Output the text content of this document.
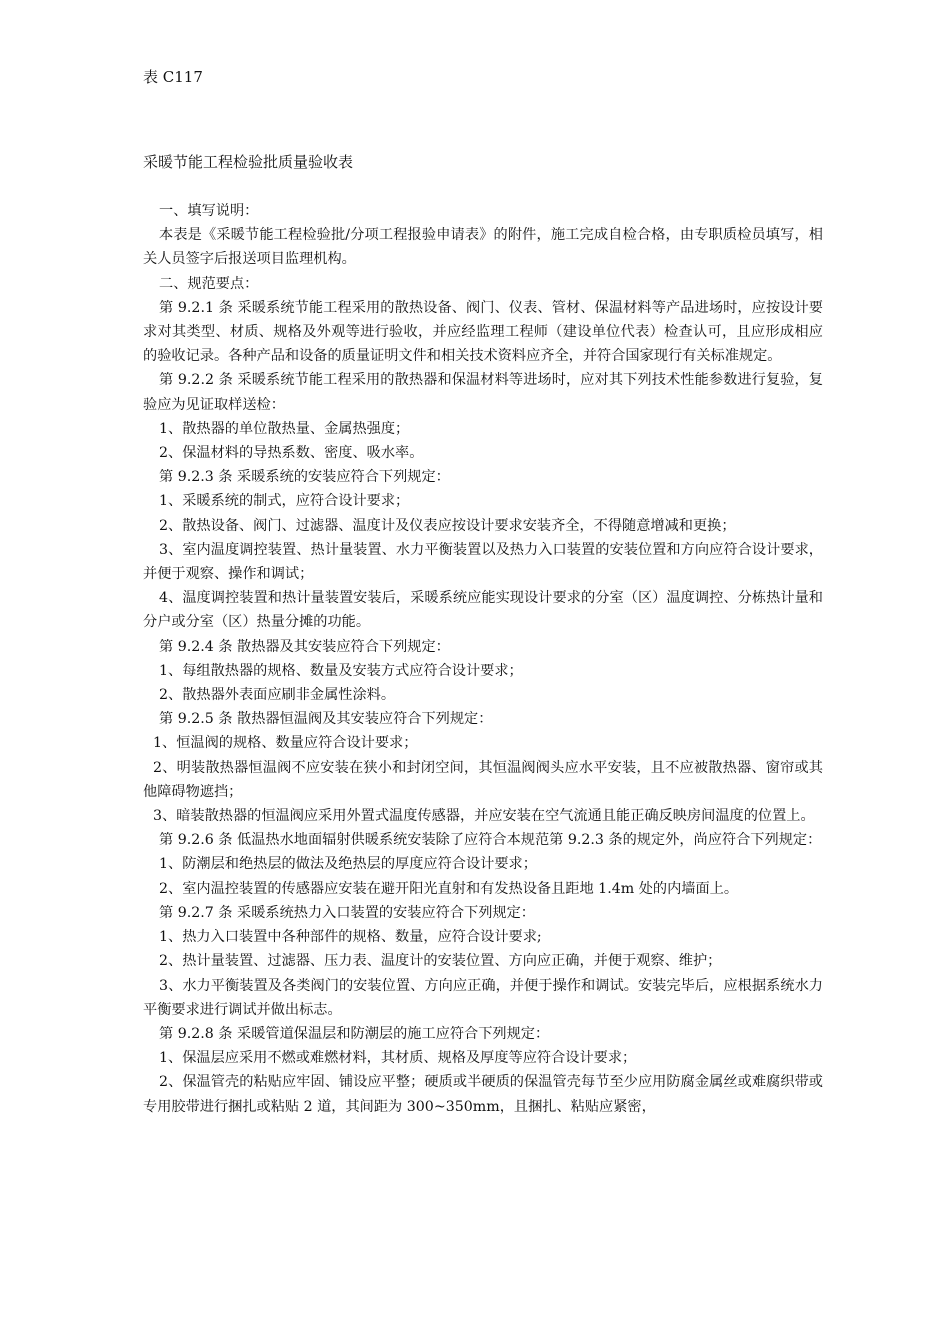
表 C117
采暖节能工程检验批质量验收表

一、填写说明：

本表是《采暖节能工程检验批/分项工程报验申请表》的附件，施工完成自检合格，由专职质检员填写，相关人员签字后报送项目监理机构。

二、规范要点：

第 9.2.1 条 采暖系统节能工程采用的散热设备、阀门、仪表、管材、保温材料等产品进场时，应按设计要求对其类型、材质、规格及外观等进行验收，并应经监理工程师（建设单位代表）检查认可，且应形成相应的验收记录。各种产品和设备的质量证明文件和相关技术资料应齐全，并符合国家现行有关标准规定。

第 9.2.2 条 采暖系统节能工程采用的散热器和保温材料等进场时，应对其下列技术性能参数进行复验，复验应为见证取样送检：

1、散热器的单位散热量、金属热强度；

2、保温材料的导热系数、密度、吸水率。

第 9.2.3 条 采暖系统的安装应符合下列规定：

1、采暖系统的制式，应符合设计要求；

2、散热设备、阀门、过滤器、温度计及仪表应按设计要求安装齐全，不得随意增减和更换；

3、室内温度调控装置、热计量装置、水力平衡装置以及热力入口装置的安装位置和方向应符合设计要求，并便于观察、操作和调试；

4、温度调控装置和热计量装置安装后，采暖系统应能实现设计要求的分室（区）温度调控、分栋热计量和分户或分室（区）热量分摊的功能。

第 9.2.4 条 散热器及其安装应符合下列规定：

1、每组散热器的规格、数量及安装方式应符合设计要求；

2、散热器外表面应刷非金属性涂料。

第 9.2.5 条 散热器恒温阀及其安装应符合下列规定：

1、恒温阀的规格、数量应符合设计要求；

2、明装散热器恒温阀不应安装在狭小和封闭空间，其恒温阀阀头应水平安装，且不应被散热器、窗帘或其他障碍物遮挡；

3、暗装散热器的恒温阀应采用外置式温度传感器，并应安装在空气流通且能正确反映房间温度的位置上。

第 9.2.6 条 低温热水地面辐射供暖系统安装除了应符合本规范第 9.2.3 条的规定外，尚应符合下列规定：

1、防潮层和绝热层的做法及绝热层的厚度应符合设计要求；

2、室内温控装置的传感器应安装在避开阳光直射和有发热设备且距地 1.4m 处的内墙面上。

第 9.2.7 条 采暖系统热力入口装置的安装应符合下列规定：

1、热力入口装置中各种部件的规格、数量，应符合设计要求;

2、热计量装置、过滤器、压力表、温度计的安装位置、方向应正确，并便于观察、维护；

3、水力平衡装置及各类阀门的安装位置、方向应正确，并便于操作和调试。安装完毕后，应根据系统水力平衡要求进行调试并做出标志。

第 9.2.8 条 采暖管道保温层和防潮层的施工应符合下列规定：

1、保温层应采用不燃或难燃材料，其材质、规格及厚度等应符合设计要求；

2、保温管壳的粘贴应牢固、铺设应平整；硬质或半硬质的保温管壳每节至少应用防腐金属丝或难腐织带或专用胶带进行捆扎或粘贴 2 道，其间距为 300~350mm，且捆扎、粘贴应紧密，
